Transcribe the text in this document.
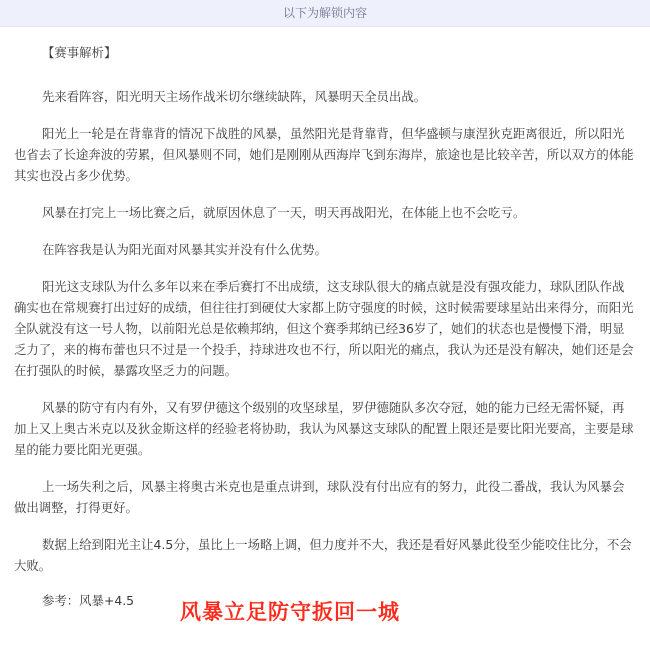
以下为解锁内容

【赛事解析】

先来看阵容，阳光明天主场作战米切尔继续缺阵，风暴明天全员出战。

阳光上一轮是在背靠背的情况下战胜的风暴，虽然阳光是背靠背，但华盛顿与康涅狄克距离很近，所以阳光也省去了长途奔波的劳累，但风暴则不同，她们是刚刚从西海岸飞到东海岸，旅途也是比较辛苦，所以双方的体能其实也没占多少优势。

风暴在打完上一场比赛之后，就原因休息了一天，明天再战阳光，在体能上也不会吃亏。

在阵容我是认为阳光面对风暴其实并没有什么优势。

阳光这支球队为什么多年以来在季后赛打不出成绩，这支球队很大的痛点就是没有强攻能力，球队团队作战确实也在常规赛打出过好的成绩，但往往打到硬仗大家都上防守强度的时候，这时候需要球星站出来得分，而阳光全队就没有这一号人物，以前阳光总是依赖邦纳，但这个赛季邦纳已经36岁了，她们的状态也是慢慢下滑，明显乏力了，来的梅布蕾也只不过是一个投手，持球进攻也不行，所以阳光的痛点，我认为还是没有解决，她们还是会在打强队的时候，暴露攻坚乏力的问题。

风暴的防守有内有外，又有罗伊德这个级别的攻坚球星，罗伊德随队多次夺冠，她的能力已经无需怀疑，再加上又上奥古米克以及狄金斯这样的经验老将协助，我认为风暴这支球队的配置上限还是要比阳光要高，主要是球星的能力要比阳光更强。

上一场失利之后，风暴主将奥古米克也是重点讲到，球队没有付出应有的努力，此役二番战，我认为风暴会做出调整，打得更好。

数据上给到阳光主让4.5分，虽比上一场略上调，但力度并不大，我还是看好风暴此役至少能咬住比分，不会大败。

参考：风暴+4.5	风暴立足防守扳回一城
